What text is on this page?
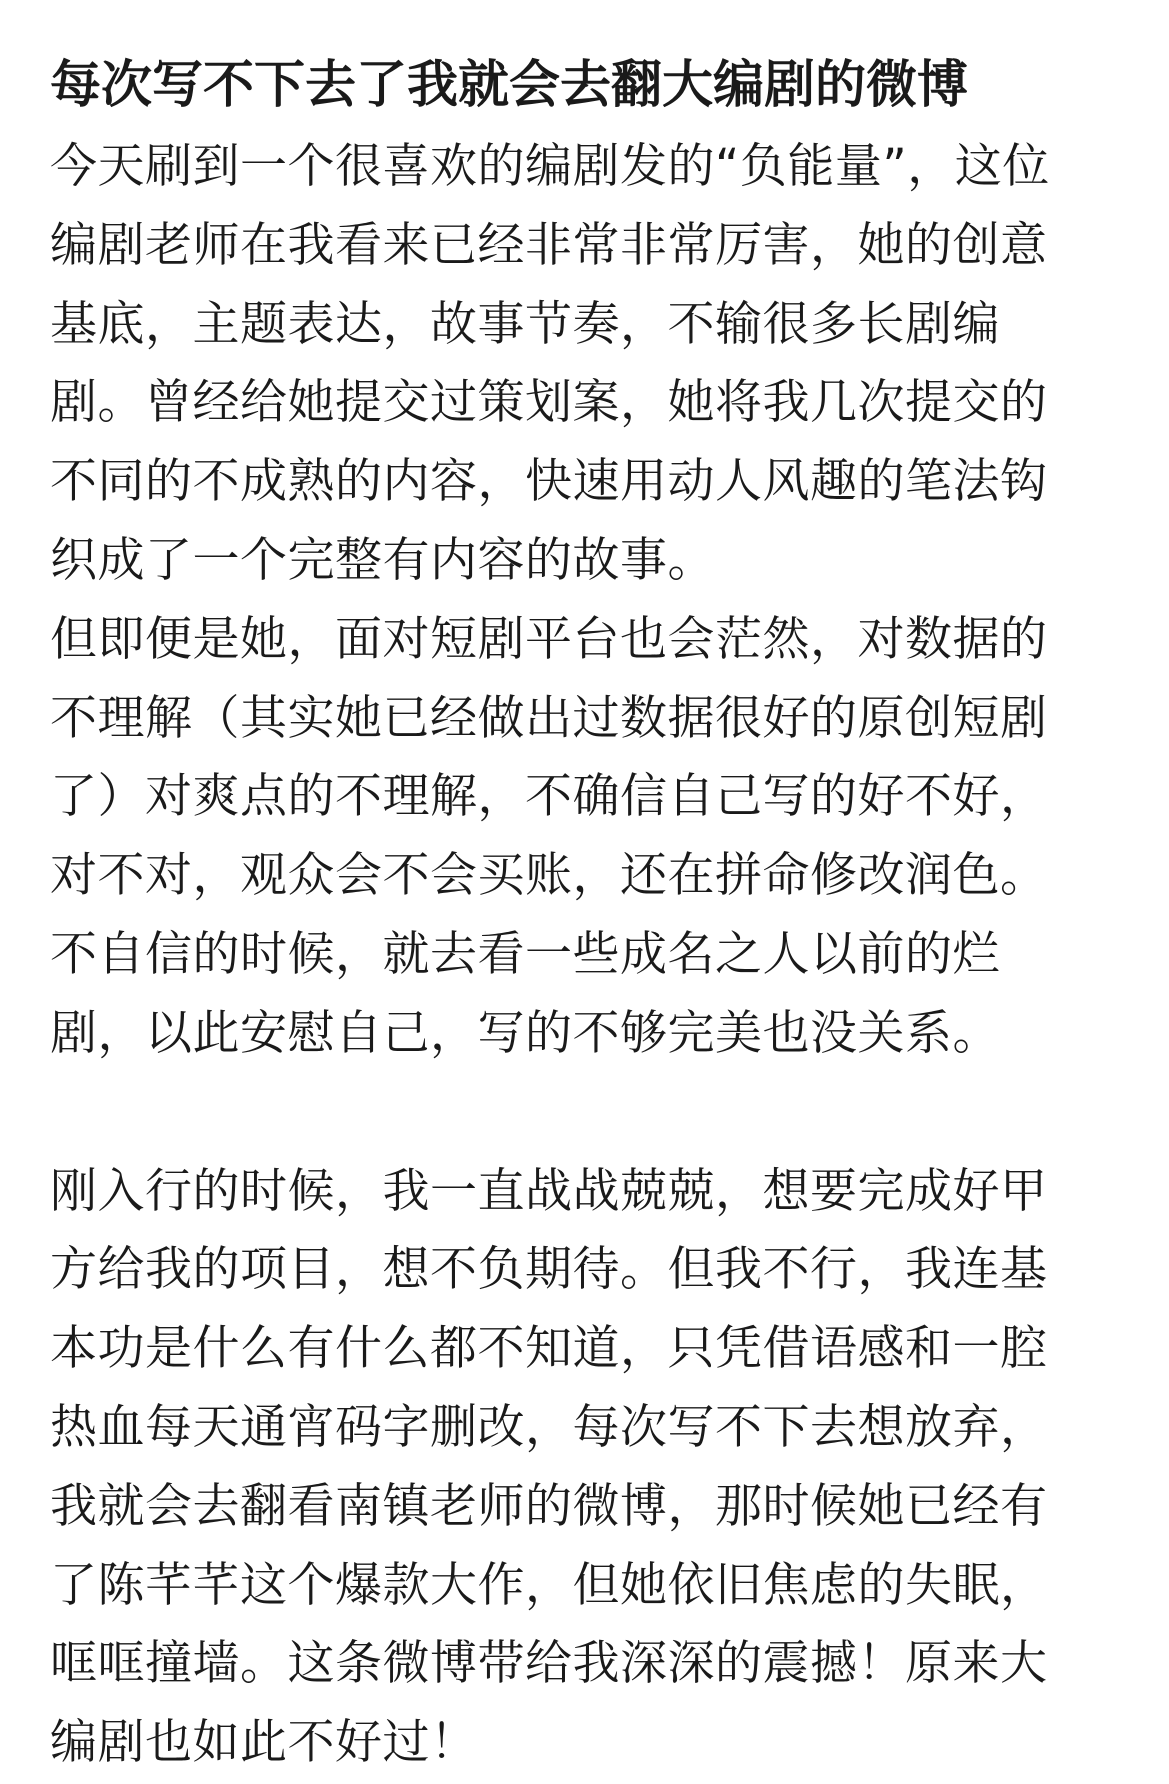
每次写不下去了我就会去翻大编剧的微博
今天刷到一个很喜欢的编剧发的“负能量”，这位
编剧老师在我看来已经非常非常厉害，她的创意
基底，主题表达，故事节奏，不输很多长剧编
剧。曾经给她提交过策划案，她将我几次提交的
不同的不成熟的内容，快速用动人风趣的笔法钩
织成了一个完整有内容的故事。
但即便是她，面对短剧平台也会茫然，对数据的
不理解（其实她已经做出过数据很好的原创短剧
了）对爽点的不理解，不确信自己写的好不好，
对不对，观众会不会买账，还在拼命修改润色。
不自信的时候，就去看一些成名之人以前的烂
剧，以此安慰自己，写的不够完美也没关系。
刚入行的时候，我一直战战兢兢，想要完成好甲
方给我的项目，想不负期待。但我不行，我连基
本功是什么有什么都不知道，只凭借语感和一腔
热血每天通宵码字删改，每次写不下去想放弃，
我就会去翻看南镇老师的微博，那时候她已经有
了陈芊芊这个爆款大作，但她依旧焦虑的失眠，
哐哐撞墙。这条微博带给我深深的震撼！原来大
编剧也如此不好过！
